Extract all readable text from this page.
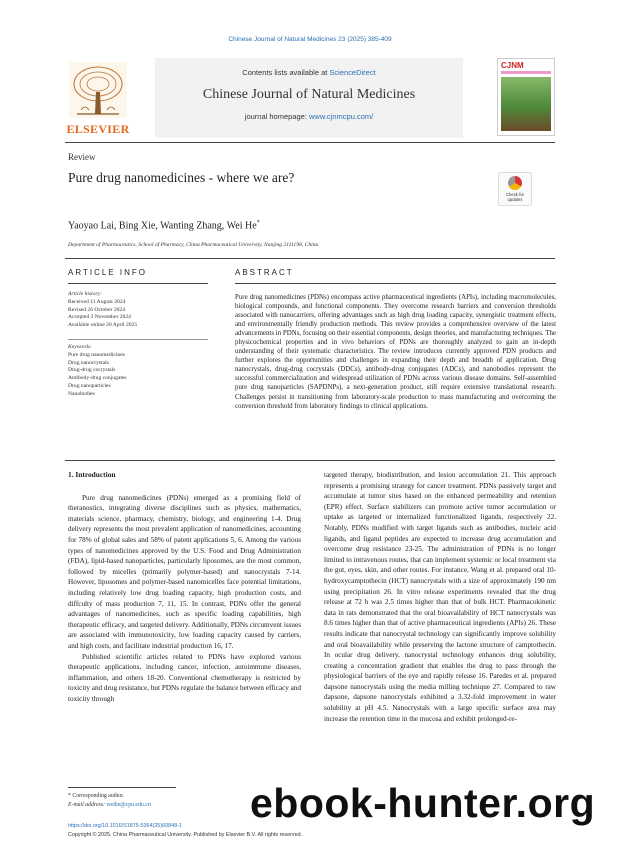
Chinese Journal of Natural Medicines 23 (2025) 385-409
ELSEVIER
Contents lists available at ScienceDirect
Chinese Journal of Natural Medicines
journal homepage: www.cjnmcpu.com/
CJNM
Review
Pure drug nanomedicines - where we are?
Check for updates
Yaoyao Lai, Bing Xie, Wanting Zhang, Wei He*
Department of Pharmaceutics, School of Pharmacy, China Pharmaceutical University, Nanjing 2111198, China
ARTICLE INFO	ABSTRACT
Article history:
Received 11 August 2024
Revised 26 October 2024
Accepted 3 November 2024
Available online 20 April 2025
Keywords:
Pure drug nanomedicines
Drug nanocrystals
Drug-drug cocrystals
Antibody-drug conjugates
Drug nanoparticles
Nanobodies
Pure drug nanomedicines (PDNs) encompass active pharmaceutical ingredients (APIs), including macromolecules, biological compounds, and functional components. They overcome research barriers and conversion thresholds associated with nanocarriers, offering advantages such as high drug loading capacity, synergistic treatment effects, and environmentally friendly production methods. This review provides a comprehensive overview of the latest advancements in PDNs, focusing on their essential components, design theories, and manufacturing techniques. The physicochemical properties and in vivo behaviors of PDNs are thoroughly analyzed to gain an in-depth understanding of their systematic characteristics. The review introduces currently approved PDN products and further explores the opportunities and challenges in expanding their depth and breadth of application. Drug nanocrystals, drug-drug cocrystals (DDCs), antibody-drug conjugates (ADCs), and nanobodies represent the successful commercialization and widespread utilization of PDNs across various disease domains. Self-assembled pure drug nanoparticles (SAPDNPs), a next-generation product, still require extensive translational research. Challenges persist in transitioning from laboratory-scale production to mass manufacturing and overcoming the conversion threshold from laboratory findings to clinical applications.

1. Introduction

Pure drug nanomedicines (PDNs) emerged as a promising field of theranostics, integrating diverse disciplines such as physics, mathematics, materials science, pharmacy, chemistry, biology, and engineering 1-4. Drug delivery represents the most prevalent application of nanomedicines, accounting for 78% of global sales and 58% of patent applications 5, 6. Among the various types of nanomedicines approved by the U.S. Food and Drug Administration (FDA), lipid-based nanoparticles, particularly liposomes, are the most common, followed by micelles (primarily polymer-based) and nanocrystals 7-14. However, liposomes and polymer-based nanomicelles face potential limitations, including relatively low drug loading capacity, high production costs, and diffculty of mass production 7, 11, 15. In contrast, PDNs offer the general advantages of nanomedicines, such as specific loading capabilities, high therapeutic efficacy, and targeted delivery. Additionally, PDNs circumvent issues are associated with immunotoxicity, low loading capacity caused by carriers, and high costs, and facilitate industrial production 16, 17.

Published scientific articles related to PDNs have explored various therapeutic applications, including cancer, infection, autoimmune diseases, inflammation, and others 18-20. Conventional chemotherapy is restricted by toxicity and drug resistance, but PDNs regulate the balance between efficacy and toxicity through

targeted therapy, biodistribution, and lesion accumulation 21. This approach represents a promising strategy for cancer treatment. PDNs passively target and accumulate at tumor sites based on the enhanced permeability and retention (EPR) effect. Surface stabilizers can promote active tumor accumulation or uptake as targeted or internalized functionalized ligands, respectively 22. Notably, PDNs modified with target ligands such as antibodies, nucleic acid ligands, and ligand peptides are expected to increase drug accumulation and overcome drug resistance 23-25. The administration of PDNs is no longer limited to intravenous routes, that can implement systemic or local treatment via the gut, eyes, skin, and other routes. For instance, Wang et al. prepared oral 10-hydroxycamptothecin (HCT) nanocrystals with a size of approximately 190 nm using precipitation 26. In vitro release experiments revealed that the drug release at 72 h was 2.5 times higher than that of bulk HCT. Pharmacokinetic data in rats demonstrated that the oral bioavailability of HCT nanocrystals was 8.6 times higher than that of active pharmaceutical ingredients (APIs) 26. These results indicate that nanocrystal technology can significantly improve solubility and oral bioavailability while preserving the lactone structure of camptothecin. In ocular drug delivery, nanocrystal technology enhances drug solubility, creating a concentration gradient that enables the drug to pass through the physiological barriers of the eye and rapidly release 16. Paredes et al. prepared dapsone nanocrystals using the media milling technique 27. Compared to raw dapsone, dapsone nanocrystals exhibited a 3.32-fold improvement in water solubility at pH 4.5. Nanocrystals with a large specific surface area may increase the retention time in the mucosa and exhibit prolonged-re-

* Corresponding author.
E-mail address: weihe@cpu.edu.cn
https://doi.org/10.1016/S1875-5364(25)60848-1
Copyright © 2025, China Pharmaceutical University. Published by Elsevier B.V. All rights reserved.
ebook-hunter.org
